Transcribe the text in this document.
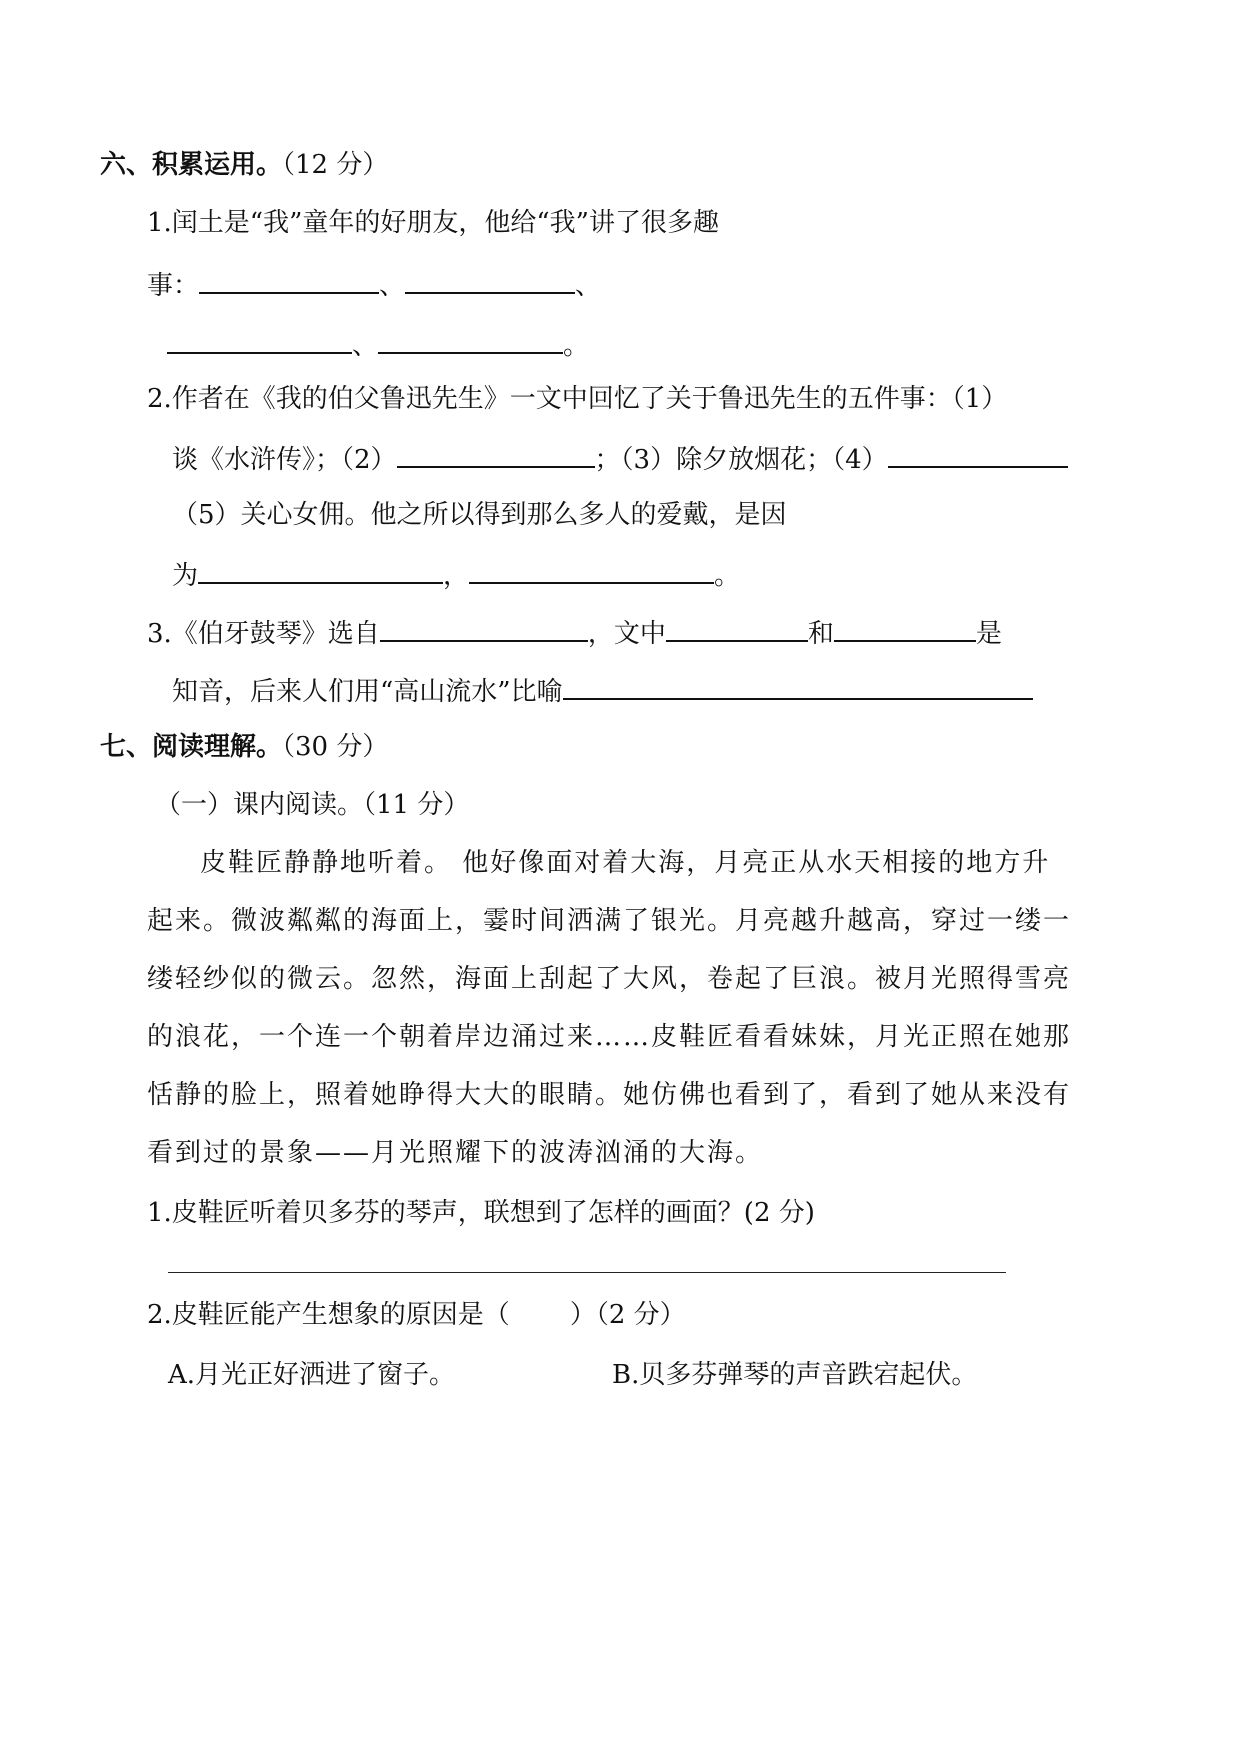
六、积累运用。（12 分）
1.闰土是“我”童年的好朋友，他给“我”讲了很多趣
事：	、	、
、	。
2.作者在《我的伯父鲁迅先生》一文中回忆了关于鲁迅先生的五件事：（1）
谈《水浒传》；（2）	；（3）除夕放烟花；（4）
（5）关心女佣。他之所以得到那么多人的爱戴，是因
为	，	。
3.《伯牙鼓琴》选自	，文中	和	是
知音，后来人们用“高山流水”比喻
七、阅读理解。（30 分）
（一）课内阅读。（11 分）
皮鞋匠静静地听着。 他好像面对着大海，月亮正从水天相接的地方升
起来。微波粼粼的海面上，霎时间洒满了银光。月亮越升越高，穿过一缕一
缕轻纱似的微云。忽然，海面上刮起了大风，卷起了巨浪。被月光照得雪亮
的浪花，一个连一个朝着岸边涌过来……皮鞋匠看看妹妹，月光正照在她那
恬静的脸上，照着她睁得大大的眼睛。她仿佛也看到了，看到了她从来没有
看到过的景象——月光照耀下的波涛汹涌的大海。
1.皮鞋匠听着贝多芬的琴声，联想到了怎样的画面？(2 分)
2.皮鞋匠能产生想象的原因是（ ）（2 分）
A.月光正好洒进了窗子。	B.贝多芬弹琴的声音跌宕起伏。
